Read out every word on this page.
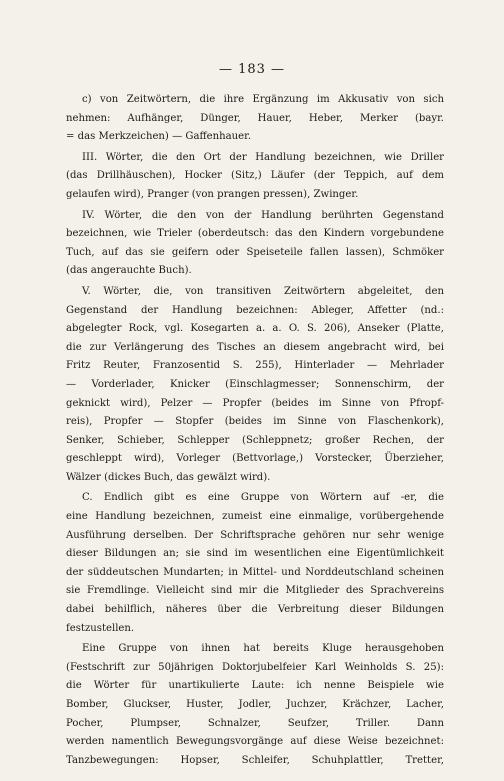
— 183 —
c) von Zeitwörtern, die ihre Ergänzung im Akkusativ von sich
nehmen: Aufhänger, Dünger, Hauer, Heber, Merker (bayr.
= das Merkzeichen) — Gaffenhauer.
III. Wörter, die den Ort der Handlung bezeichnen, wie Driller
(das Drillhäuschen), Hocker (Sitz,) Läufer (der Teppich, auf dem
gelaufen wird), Pranger (von prangen pressen), Zwinger.
IV. Wörter, die den von der Handlung berührten Gegenstand
bezeichnen, wie Trieler (oberdeutsch: das den Kindern vorgebundene
Tuch, auf das sie geifern oder Speiseteile fallen lassen), Schmöker
(das angerauchte Buch).
V. Wörter, die, von transitiven Zeitwörtern abgeleitet, den
Gegenstand der Handlung bezeichnen: Ableger, Affetter (nd.:
abgelegter Rock, vgl. Kosegarten a. a. O. S. 206), Anseker (Platte,
die zur Verlängerung des Tisches an diesem angebracht wird, bei
Fritz Reuter, Franzosentid S. 255), Hinterlader — Mehrlader
— Vorderlader, Knicker (Einschlagmesser; Sonnenschirm, der
geknickt wird), Pelzer — Propfer (beides im Sinne von Pfropf-
reis), Propfer — Stopfer (beides im Sinne von Flaschenkork),
Senker, Schieber, Schlepper (Schleppnetz; großer Rechen, der
geschleppt wird), Vorleger (Bettvorlage,) Vorstecker, Überzieher,
Wälzer (dickes Buch, das gewälzt wird).
C. Endlich gibt es eine Gruppe von Wörtern auf -er, die
eine Handlung bezeichnen, zumeist eine einmalige, vorübergehende
Ausführung derselben. Der Schriftsprache gehören nur sehr wenige
dieser Bildungen an; sie sind im wesentlichen eine Eigentümlichkeit
der süddeutschen Mundarten; in Mittel- und Norddeutschland scheinen
sie Fremdlinge. Vielleicht sind mir die Mitglieder des Sprachvereins
dabei behilflich, näheres über die Verbreitung dieser Bildungen
festzustellen.
Eine Gruppe von ihnen hat bereits Kluge herausgehoben
(Festschrift zur 50jährigen Doktorjubelfeier Karl Weinholds S. 25):
die Wörter für unartikulierte Laute: ich nenne Beispiele wie
Bomber, Gluckser, Huster, Jodler, Juchzer, Krächzer, Lacher,
Pocher, Plumpser, Schnalzer, Seufzer, Triller. Dann
werden namentlich Bewegungsvorgänge auf diese Weise bezeichnet:
Tanzbewegungen: Hopser, Schleifer, Schuhplattler, Tretter,
